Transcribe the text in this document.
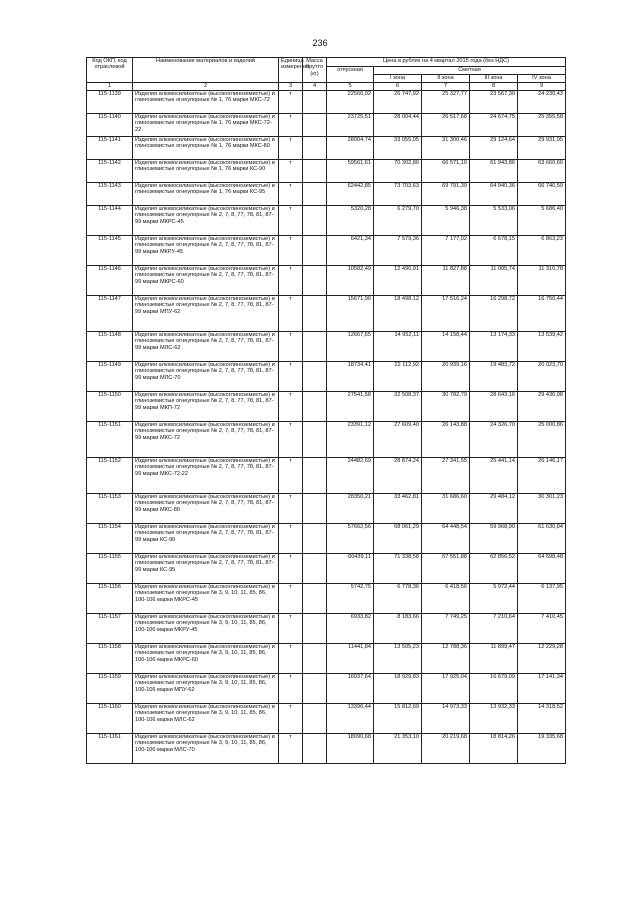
236
Код ОКП, код отраслевой	Наименование материалов и изделий	Единица измерения	Масса брутто (кг)	Цена в рублях на 4 квартал 2015 года (без НДС)				
				отпускная	Сметная			
					I зона	II зона	III зона	IV зона
1	2	3	4	5	6	7	8	9
115-1139	Изделия алюмосиликатные (высокоглиноземистые) и глиноземистые огнеупорные № 1, 76 марки МКС-72	т		22560,92	26 747,92	25 327,77	23 567,30	24 230,43
115-1140	Изделия алюмосиликатные (высокоглиноземистые) и глиноземистые огнеупорные № 1, 76 марки МКС-72-22	т		23725,51	28 004,44	26 517,68	24 674,75	25 355,58
115-1141	Изделия алюмосиликатные (высокоглиноземистые) и глиноземистые огнеупорные № 1, 76 марки МКС-80	т		28004,74	33 055,05	31 300,46	29 124,64	29 931,95
115-1142	Изделия алюмосиликатные (высокоглиноземистые) и глиноземистые огнеупорные № 1, 76 марки КС-90	т		59561,61	70 302,80	66 571,10	61 943,86	63 660,60
115-1143	Изделия алюмосиликатные (высокоглиноземистые) и глиноземистые огнеупорные № 1, 76 марки КС-95	т		62442,85	73 703,63	69 791,39	64 940,36	66 740,59
115-1144	Изделия алюмосиликатные (высокоглиноземистые) и глиноземистые огнеупорные № 2, 7, 8, 77, 78, 81, 87-99 марки МКРС-45	т		5320,28	6 279,70	5 946,38	5 533,06	5 686,40
115-1145	Изделия алюмосиликатные (высокоглиноземистые) и глиноземистые огнеупорные № 2, 7, 8, 77, 78, 81, 87-99 марки МКРУ-45	т		6421,34	7 579,36	7 177,02	6 678,15	6 863,23
115-1146	Изделия алюмосиликатные (высокоглиноземистые) и глиноземистые огнеупорные № 2, 7, 8, 77, 78, 81, 87-99 марки МКРС-60	т		10582,49	12 490,91	11 827,88	11 005,74	11 310,78
115-1147	Изделия алюмосиликатные (высокоглиноземистые) и глиноземистые огнеупорные № 2, 7, 8, 77, 78, 81, 87-99 марки МПУ-62	т		15671,90	18 498,12	17 516,24	16 298,72	16 750,44
115-1148	Изделия алюмосиликатные (высокоглиноземистые) и глиноземистые огнеупорные № 2, 7, 8, 77, 78, 81, 87-99 марки МЛС-62	т		12667,65	14 952,11	14 158,44	13 174,33	13 539,42
115-1149	Изделия алюмосиликатные (высокоглиноземистые) и глиноземистые огнеупорные № 2, 7, 8, 77, 78, 81, 87-99 марки МЛС-70	т		18734,41	22 112,92	20 939,16	19 483,72	20 023,70
115-1150	Изделия алюмосиликатные (высокоглиноземистые) и глиноземистые огнеупорные № 2, 7, 8, 77, 78, 81, 87-99 марки МКП-72	т		27541,58	32 508,37	30 782,79	28 643,16	29 436,98
115-1151	Изделия алюмосиликатные (высокоглиноземистые) и глиноземистые огнеупорные № 2, 7, 8, 77, 78, 81, 87-99 марки МКС-72	т		23391,12	27 609,40	26 143,88	24 326,70	25 000,86
115-1152	Изделия алюмосиликатные (высокоглиноземистые) и глиноземистые огнеупорные № 2, 7, 8, 77, 78, 81, 87-99 марки МКС-72-22	т		24482,69	28 874,24	27 341,55	25 441,14	26 146,17
115-1153	Изделия алюмосиликатные (высокоглиноземистые) и глиноземистые огнеупорные № 2, 7, 8, 77, 78, 81, 87-99 марки МКС-80	т		28350,21	33 462,81	31 686,60	29 484,12	30 301,23
115-1154	Изделия алюмосиликатные (высокоглиноземистые) и глиноземистые огнеупорные № 2, 7, 8, 77, 78, 81, 87-99 марки КС-90	т		57662,56	68 061,29	64 448,54	59 968,90	61 630,84
115-1155	Изделия алюмосиликатные (высокоглиноземистые) и глиноземистые огнеупорные № 2, 7, 8, 77, 78, 81, 87-99 марки КС-95	т		60439,11	71 338,58	67 551,88	62 856,52	64 598,48
115-1156	Изделия алюмосиликатные (высокоглиноземистые) и глиноземистые огнеупорные № 3, 9, 10, 11, 85, 86, 100-106 марки МКРС-45	т		5742,75	6 778,36	6 418,56	5 972,44	6 137,95
115-1157	Изделия алюмосиликатные (высокоглиноземистые) и глиноземистые огнеупорные № 3, 9, 10, 11, 85, 86, 100-106 марки МКРУ-45	т		6933,82	8 183,66	7 749,25	7 210,64	7 410,45
115-1158	Изделия алюмосиликатные (высокоглиноземистые) и глиноземистые огнеупорные № 3, 9, 10, 11, 85, 86, 100-106 марки МКРС-60	т		11441,84	13 505,23	12 788,36	11 899,47	12 229,28
115-1159	Изделия алюмосиликатные (высокоглиноземистые) и глиноземистые огнеупорные № 3, 9, 10, 11, 85, 86, 100-106 марки МПУ-62	т		16037,64	18 929,83	17 925,04	16 679,09	17 141,34
115-1160	Изделия алюмосиликатные (высокоглиноземистые) и глиноземистые огнеупорные № 3, 9, 10, 11, 85, 86, 100-106 марки МЛС-62	т		13396,44	15 812,69	14 973,33	13 932,33	14 318,52
115-1161	Изделия алюмосиликатные (высокоглиноземистые) и глиноземистые огнеупорные № 3, 9, 10, 11, 85, 86, 100-106 марки МЛС-70	т		18090,68	21 353,10	20 219,68	18 814,26	19 335,68
